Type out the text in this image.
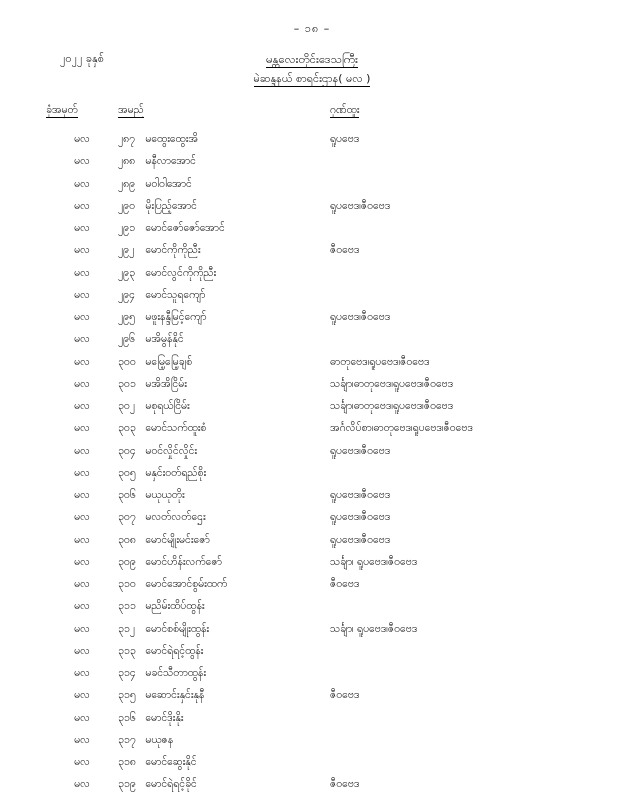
– ၁၈ –
၂၀၂၂ ခုနှစ်	မန္တလေးတိုင်းဒေသကြီး
မဲဆန္ဒနယ် စာရင်းဌာန( မလ )
ခုံအမှတ်	အမည်	ဂုဏ်ထူး
မလ	၂၈၇ မထွေးထွေးအိ	ရူပဗေဒ
မလ	၂၈၈ မနီလာအောင်	
မလ	၂၈၉ မဝါဝါအောင်	
မလ	၂၉၀ မိုးပြည့်အောင်	ရူပဗေဒ၊ဇီဝဗေဒ
မလ	၂၉၁ မောင်ဇော်ဇော်အောင်	
မလ	၂၉၂ မောင်ကိုကိုညီး	ဇီဝဗေဒ
မလ	၂၉၃ မောင်လွင်ကိုကိုညီး	
မလ	၂၉၄ မောင်သူရကျော်	
မလ	၂၉၅ မဖူးနန္ဒီမြင့်ကျော်	ရူပဗေဒ၊ဇီဝဗေဒ
မလ	၂၉၆ မအိမွန်နိုင်	
မလ	၃၀၀ မမြေ့မြေ့ချစ်	ဓာတုဗေဒ၊ရူပဗေဒ၊ဇီဝဗေဒ
မလ	၃၀၁ မအိအိငြိမ်း	သင်္ချာ၊ဓာတုဗေဒ၊ရူပဗေဒ၊ဇီဝဗေဒ
မလ	၃၀၂ မစုရယ်ငြိမ်း	သင်္ချာ၊ဓာတုဗေဒ၊ရူပဗေဒ၊ဇီဝဗေဒ
မလ	၃၀၃ မောင်သက်ထူးစံ	အင်္ဂလိပ်စာ၊ဓာတုဗေဒ၊ရူပဗေဒ၊ဇီဝဗေဒ
မလ	၃၀၄ မဝင်လှိုင်လှိုင်း	ရူပဗေဒ၊ဇီဝဗေဒ
မလ	၃၀၅ မနှင်းဝတ်ရည်စိုး	
မလ	၃၀၆ မယုယုတိုး	ရူပဗေဒ၊ဇီဝဗေဒ
မလ	၃၀၇ မလတ်လတ်ဌေး	ရူပဗေဒ၊ဇီဝဗေဒ
မလ	၃၀၈ မောင်မျိုးမင်းဇော်	ရူပဗေဒ၊ဇီဝဗေဒ
မလ	၃၀၉ မောင်ဟိန်းလက်ဇော်	သင်္ချာ၊ ရူပဗေဒ၊ဇီဝဗေဒ
မလ	၃၁၀ မောင်အောင်စွမ်းထက်	ဇီဝဗေဒ
မလ	၃၁၁ မညိမ်းထိပ်ထွန်း	
မလ	၃၁၂ မောင်စစ်မျိုးထွန်း	သင်္ချာ၊ ရူပဗေဒ၊ဇီဝဗေဒ
မလ	၃၁၃ မောင်ရဲရင့်ထွန်း	
မလ	၃၁၄ မခင်သီတာထွန်း	
မလ	၃၁၅ မဆောင်းနှင်းနုနီ	ဇီဝဗေဒ
မလ	၃၁၆ မောင်ဒိုးနိုး	
မလ	၃၁၇ မယုဇန	
မလ	၃၁၈ မောင်ဆွေးနိုင်	
မလ	၃၁၉ မောင်ရဲရင့်ခိုင်	ဇီဝဗေဒ
